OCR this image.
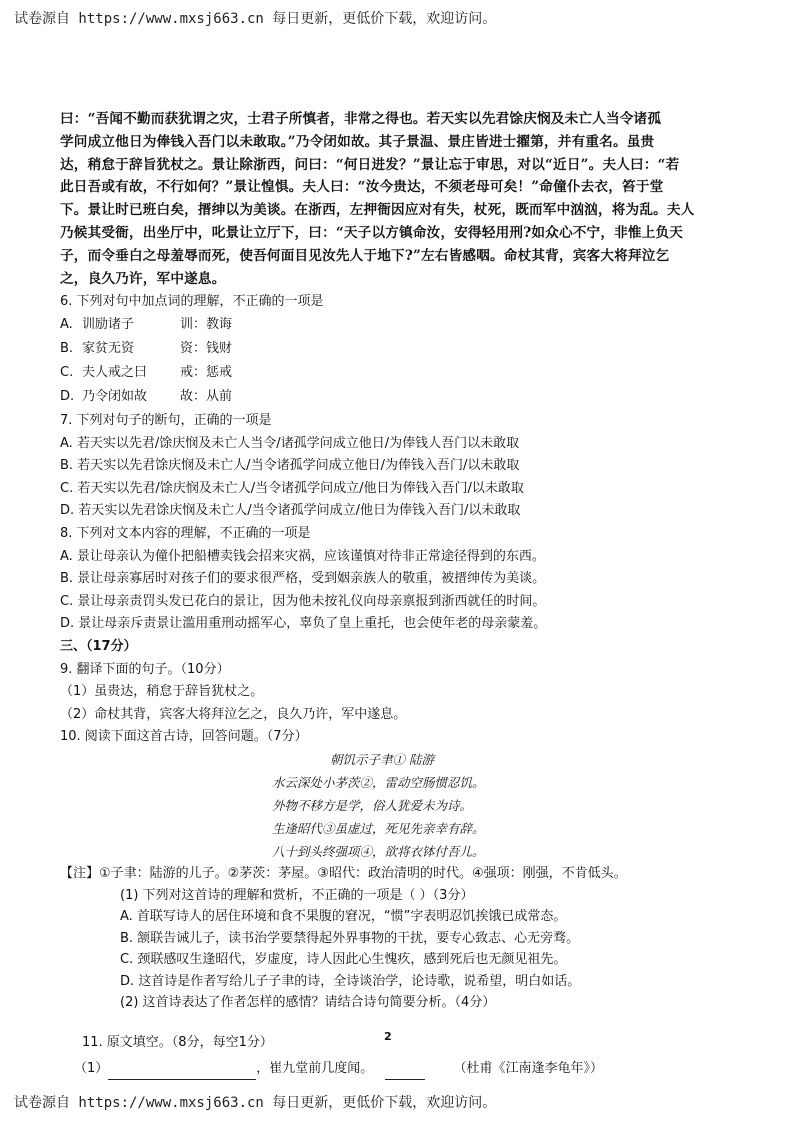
试卷源自 https://www.mxsj663.cn 每日更新，更低价下载，欢迎访问。

曰：“吾闻不勤而获犹谓之灾，士君子所慎者，非常之得也。若天实以先君馀庆悯及未亡人当令诸孤

学问成立他日为俸钱入吾门以未敢取。”乃令闭如故。其子景温、景庄皆进士擢第，并有重名。虽贵

达，稍怠于辞旨犹杖之。景让除浙西，问曰：“何日进发？”景让忘于审思，对以“近日”。夫人曰：“若

此日吾或有故，不行如何？”景让惶惧。夫人曰：“汝今贵达，不须老母可矣！”命僮仆去衣，笞于堂

下。景让时已班白矣，搢绅以为美谈。在浙西，左押衙因应对有失，杖死，既而军中汹汹，将为乱。夫人

乃候其受衙，出坐厅中，叱景让立厅下，曰：“天子以方镇命汝，安得轻用刑?如众心不宁，非惟上负天

子，而令垂白之母羞辱而死，使吾何面目见汝先人于地下?”左右皆感咽。命杖其背，宾客大将拜泣乞

之，良久乃许，军中遂息。

6. 下列对句中加点词的理解，不正确的一项是
A. 训励诸子	训：教诲
B. 家贫无资	资：钱财
C. 夫人戒之曰	戒：惩戒
D. 乃令闭如故	故：从前
7. 下列对句子的断句，正确的一项是
A. 若天实以先君/馀庆悯及未亡人当令/诸孤学问成立他日/为俸钱人吾门以未敢取
B. 若天实以先君馀庆悯及未亡人/当令诸孤学问成立他日/为俸钱入吾门/以未敢取
C. 若天实以先君/馀庆悯及未亡人/当令诸孤学问成立/他日为俸钱入吾门/以未敢取
D. 若天实以先君馀庆悯及未亡人/当令诸孤学问成立/他日为俸钱入吾门/以未敢取
8. 下列对文本内容的理解，不正确的一项是
A. 景让母亲认为僮仆把船槽卖钱会招来灾祸，应该谨慎对待非正常途径得到的东西。
B. 景让母亲寡居时对孩子们的要求很严格，受到姻亲族人的敬重，被搢绅传为美谈。
C. 景让母亲责罚头发已花白的景让，因为他未按礼仪向母亲禀报到浙西就任的时间。
D. 景让母亲斥责景让滥用重刑动摇军心，辜负了皇上重托，也会使年老的母亲蒙羞。
三、（17分）
9. 翻译下面的句子。（10分）
（1）虽贵达，稍怠于辞旨犹杖之。
（2）命杖其背，宾客大将拜泣乞之，良久乃许，军中遂息。
10. 阅读下面这首古诗，回答问题。（7分）
朝饥示子聿① 陆游
水云深处小茅茨②，雷动空肠惯忍饥。
外物不移方是学，俗人犹爱未为诗。
生逢昭代③虽虚过，死见先亲幸有辞。
八十到头终强项④，欲将衣钵付吾儿。
【注】①子聿：陆游的儿子。②茅茨：茅屋。③昭代：政治清明的时代。④强项：刚强，不肯低头。
(1) 下列对这首诗的理解和赏析，不正确的一项是（ ）（3分）
A. 首联写诗人的居住环境和食不果腹的窘况，“惯”字表明忍饥挨饿已成常态。
B. 颔联告诫儿子，读书治学要禁得起外界事物的干扰，要专心致志、心无旁骛。
C. 颈联感叹生逢昭代，岁虚度，诗人因此心生愧疚，感到死后也无颜见祖先。
D. 这首诗是作者写给儿子子聿的诗，全诗谈治学，论诗歌，说希望，明白如话。
(2) 这首诗表达了作者怎样的感情？请结合诗句简要分析。（4分）
11. 原文填空。（8分，每空1分）
（1）	，崔九堂前几度闻。	（杜甫《江南逢李龟年》）
2
试卷源自 https://www.mxsj663.cn 每日更新，更低价下载，欢迎访问。
